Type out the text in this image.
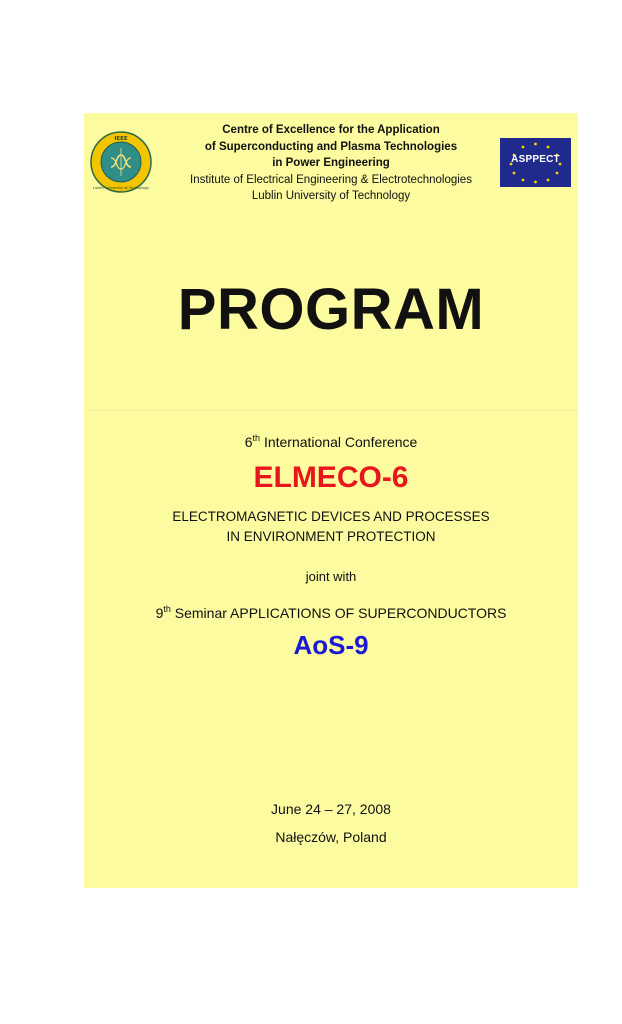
IEEE
Lublin University of Technology
Centre of Excellence for the Application
of Superconducting and Plasma Technologies
in Power Engineering
Institute of Electrical Engineering & Electrotechnologies
Lublin University of Technology
ASPPECT
PROGRAM
6th International Conference
ELMECO-6
ELECTROMAGNETIC DEVICES AND PROCESSES
IN ENVIRONMENT PROTECTION
joint with
9th Seminar APPLICATIONS OF SUPERCONDUCTORS
AoS-9
June 24 – 27, 2008
Nałęczów, Poland
